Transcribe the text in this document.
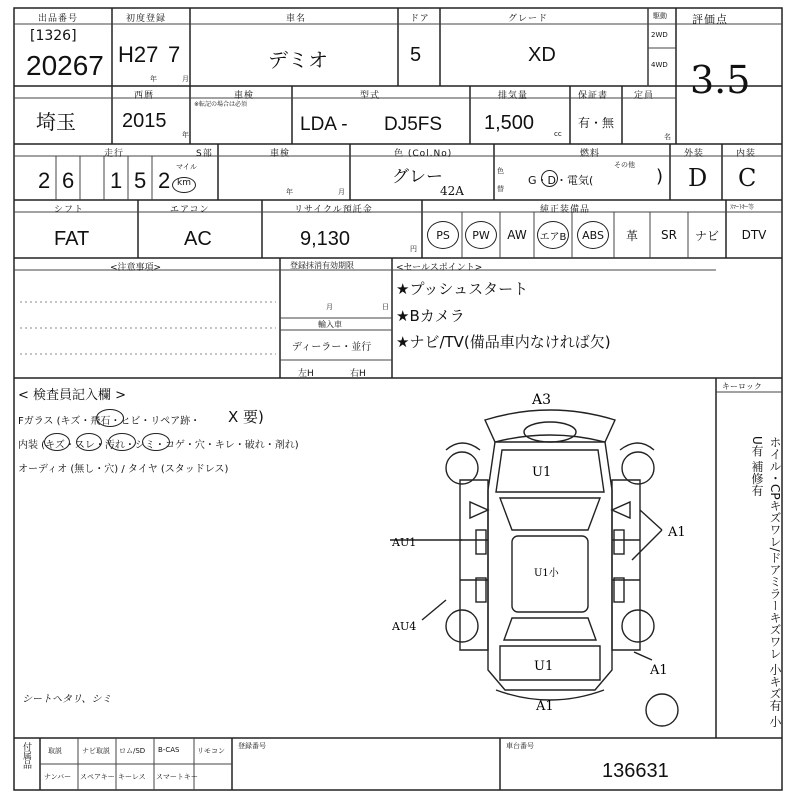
出品番号
[1326]
20267
初度登録
H27 7
年	月
車名
デミオ
ドア
5
グレード
XD
駆動
2WD
4WD
評価点
3.5
埼玉
西暦
2015
年
車検
※転記の場合は必須
型式
LDA - DJ5FS
排気量
1,500	cc
保証書
有・無
定員
名
走行	S部
2 6 1 5 2
マイル
km
車検
年	月
色 (Col.No)
グレー
42A
色
替
燃料
その他
G・D・電気(	)
外装
D
内装
C
シフト
FAT
エアコン
AC
リサイクル預託金
9,130	円
純正装備品	ｽﾏｰﾄｷｰ等
PS	PW	AW エアB	ABS	革 SR ナビ DTV
<注意事項>	登録抹消有効期限
月	日
輸入車
ディーラー・並行
左H	右H
<セールスポイント>
★プッシュスタート
★Bカメラ
★ナビ/TV(備品車内なければ欠)
< 検査員記入欄 >
Fガラス (キズ・飛石・ヒビ・リペア跡・ X 要)
内装 (キズ・スレ・汚れ・シミ・コゲ・穴・キレ・破れ・剤れ)
オーディオ (無し・穴) / タイヤ (スタッドレス)
シートヘタリ、シミ
キーロック
ホイル・CPキズワレ/ドアミラーキズワレ 小キズ有 小U有 補修有
A3
U1
U1小
U1
AU1
AU4
A1
A1
A1
付属品 取説	ナビ取説 ロム/SD B-CAS	リモコン
ナンバー スペアキー キーレス スマートキー
登録番号	車台番号
136631
